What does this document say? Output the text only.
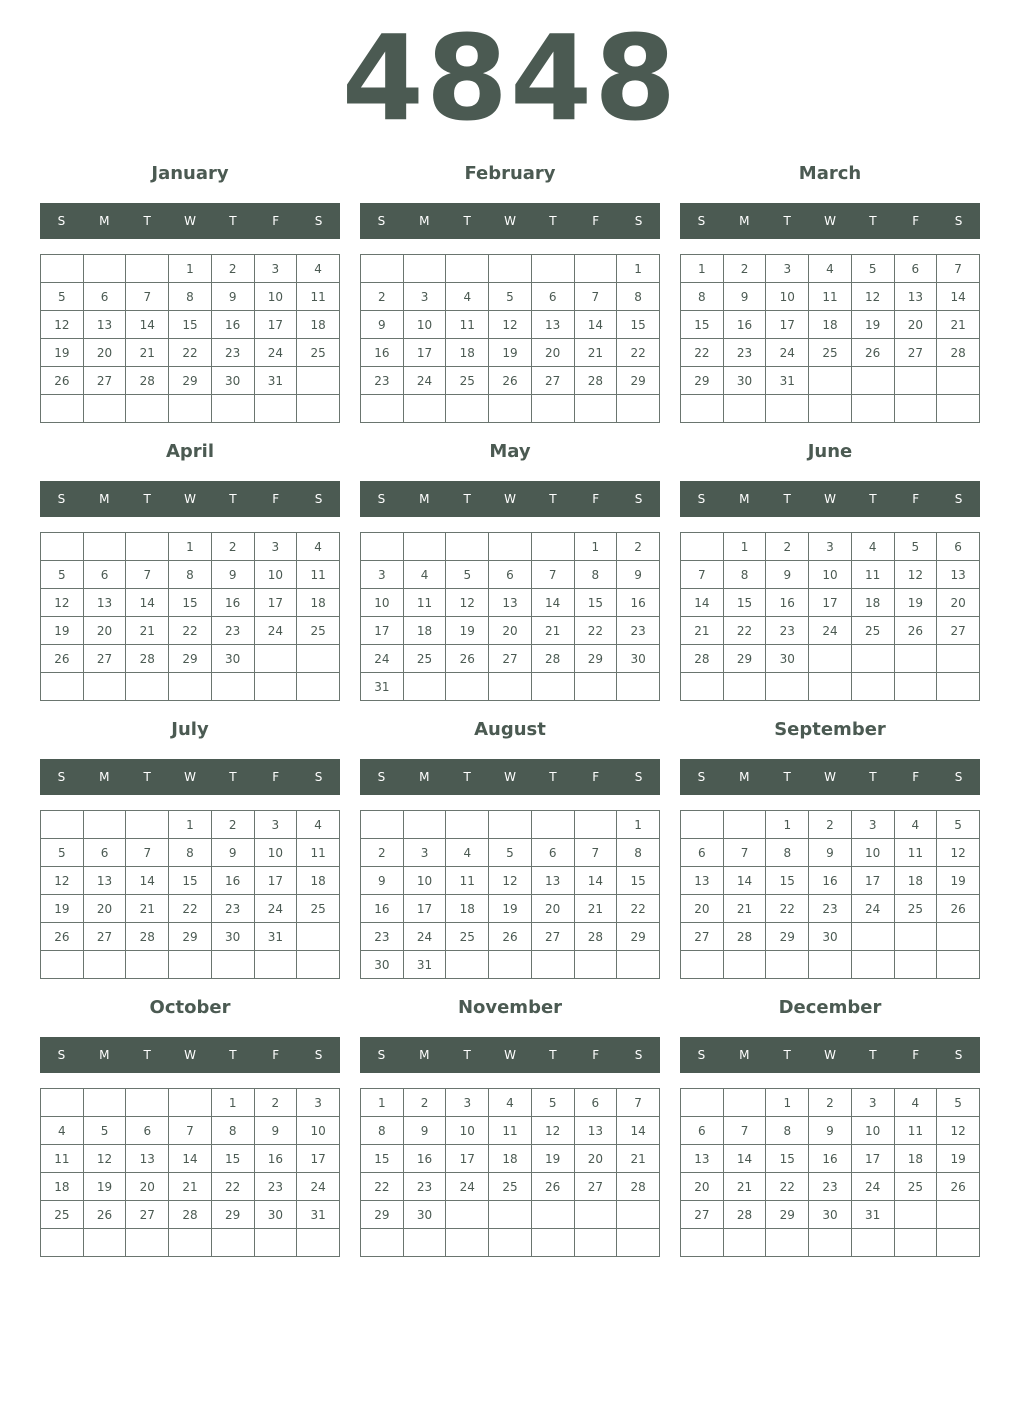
4848
January
S	M	T	W	T	F	S
			1	2	3	4
5	6	7	8	9	10	11
12	13	14	15	16	17	18
19	20	21	22	23	24	25
26	27	28	29	30	31	

February
S	M	T	W	T	F	S
						1
2	3	4	5	6	7	8
9	10	11	12	13	14	15
16	17	18	19	20	21	22
23	24	25	26	27	28	29

March
S	M	T	W	T	F	S
1	2	3	4	5	6	7
8	9	10	11	12	13	14
15	16	17	18	19	20	21
22	23	24	25	26	27	28
29	30	31				

April
S	M	T	W	T	F	S
			1	2	3	4
5	6	7	8	9	10	11
12	13	14	15	16	17	18
19	20	21	22	23	24	25
26	27	28	29	30		

May
S	M	T	W	T	F	S
					1	2
3	4	5	6	7	8	9
10	11	12	13	14	15	16
17	18	19	20	21	22	23
24	25	26	27	28	29	30
31						
June
S	M	T	W	T	F	S
	1	2	3	4	5	6
7	8	9	10	11	12	13
14	15	16	17	18	19	20
21	22	23	24	25	26	27
28	29	30				

July
S	M	T	W	T	F	S
			1	2	3	4
5	6	7	8	9	10	11
12	13	14	15	16	17	18
19	20	21	22	23	24	25
26	27	28	29	30	31	

August
S	M	T	W	T	F	S
						1
2	3	4	5	6	7	8
9	10	11	12	13	14	15
16	17	18	19	20	21	22
23	24	25	26	27	28	29
30	31					
September
S	M	T	W	T	F	S
		1	2	3	4	5
6	7	8	9	10	11	12
13	14	15	16	17	18	19
20	21	22	23	24	25	26
27	28	29	30			

October
S	M	T	W	T	F	S
				1	2	3
4	5	6	7	8	9	10
11	12	13	14	15	16	17
18	19	20	21	22	23	24
25	26	27	28	29	30	31

November
S	M	T	W	T	F	S
1	2	3	4	5	6	7
8	9	10	11	12	13	14
15	16	17	18	19	20	21
22	23	24	25	26	27	28
29	30					

December
S	M	T	W	T	F	S
		1	2	3	4	5
6	7	8	9	10	11	12
13	14	15	16	17	18	19
20	21	22	23	24	25	26
27	28	29	30	31		
